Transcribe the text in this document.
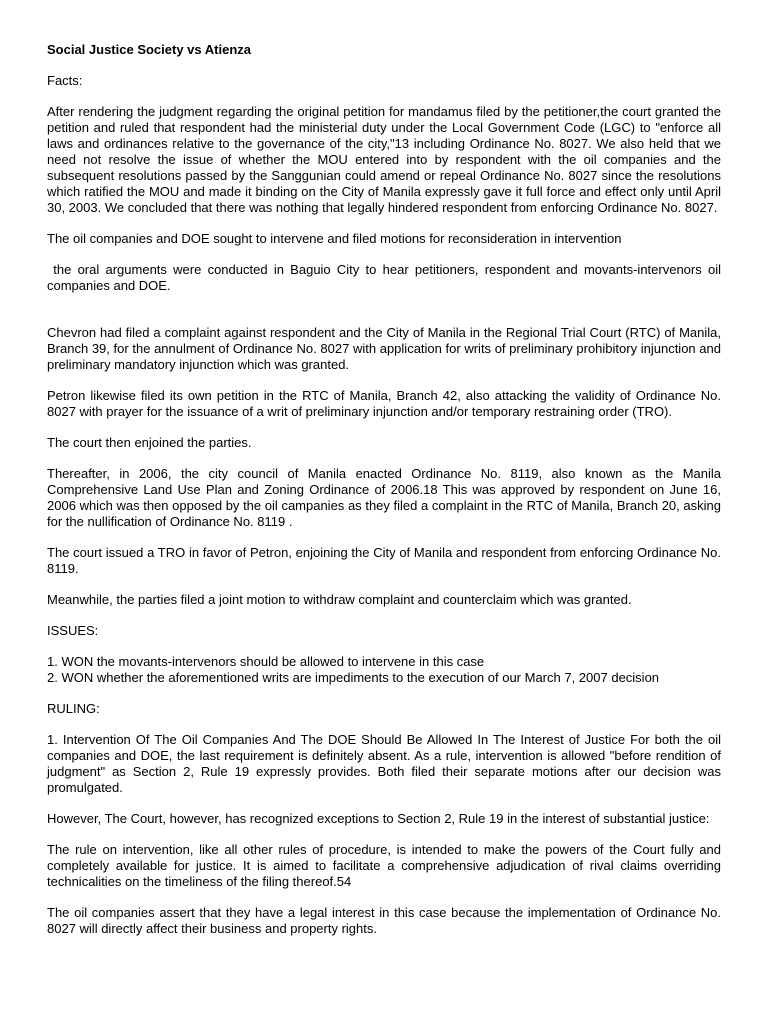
Social Justice Society vs Atienza

Facts:

After rendering the judgment regarding the original petition for mandamus filed by the petitioner,the court granted the petition and ruled that respondent had the ministerial duty under the Local Government Code (LGC) to "enforce all laws and ordinances relative to the governance of the city,"13 including Ordinance No. 8027. We also held that we need not resolve the issue of whether the MOU entered into by respondent with the oil companies and the subsequent resolutions passed by the Sanggunian could amend or repeal Ordinance No. 8027 since the resolutions which ratified the MOU and made it binding on the City of Manila expressly gave it full force and effect only until April 30, 2003. We concluded that there was nothing that legally hindered respondent from enforcing Ordinance No. 8027.

The oil companies and DOE sought to intervene and filed motions for reconsideration in intervention

the oral arguments were conducted in Baguio City to hear petitioners, respondent and movants-intervenors oil companies and DOE.

Chevron had filed a complaint against respondent and the City of Manila in the Regional Trial Court (RTC) of Manila, Branch 39, for the annulment of Ordinance No. 8027 with application for writs of preliminary prohibitory injunction and preliminary mandatory injunction which was granted.

Petron likewise filed its own petition in the RTC of Manila, Branch 42, also attacking the validity of Ordinance No. 8027 with prayer for the issuance of a writ of preliminary injunction and/or temporary restraining order (TRO).

The court then enjoined the parties.

Thereafter, in 2006, the city council of Manila enacted Ordinance No. 8119, also known as the Manila Comprehensive Land Use Plan and Zoning Ordinance of 2006.18 This was approved by respondent on June 16, 2006 which was then opposed by the oil campanies as they filed a complaint in the RTC of Manila, Branch 20, asking for the nullification of Ordinance No. 8119 .

The court issued a TRO in favor of Petron, enjoining the City of Manila and respondent from enforcing Ordinance No. 8119.

Meanwhile, the parties filed a joint motion to withdraw complaint and counterclaim which was granted.

ISSUES:

1. WON the movants-intervenors should be allowed to intervene in this case

2. WON whether the aforementioned writs are impediments to the execution of our March 7, 2007 decision

RULING:

1. Intervention Of The Oil Companies And The DOE Should Be Allowed In The Interest of Justice For both the oil companies and DOE, the last requirement is definitely absent. As a rule, intervention is allowed "before rendition of judgment" as Section 2, Rule 19 expressly provides. Both filed their separate motions after our decision was promulgated.

However, The Court, however, has recognized exceptions to Section 2, Rule 19 in the interest of substantial justice:

The rule on intervention, like all other rules of procedure, is intended to make the powers of the Court fully and completely available for justice. It is aimed to facilitate a comprehensive adjudication of rival claims overriding technicalities on the timeliness of the filing thereof.54

The oil companies assert that they have a legal interest in this case because the implementation of Ordinance No. 8027 will directly affect their business and property rights.
